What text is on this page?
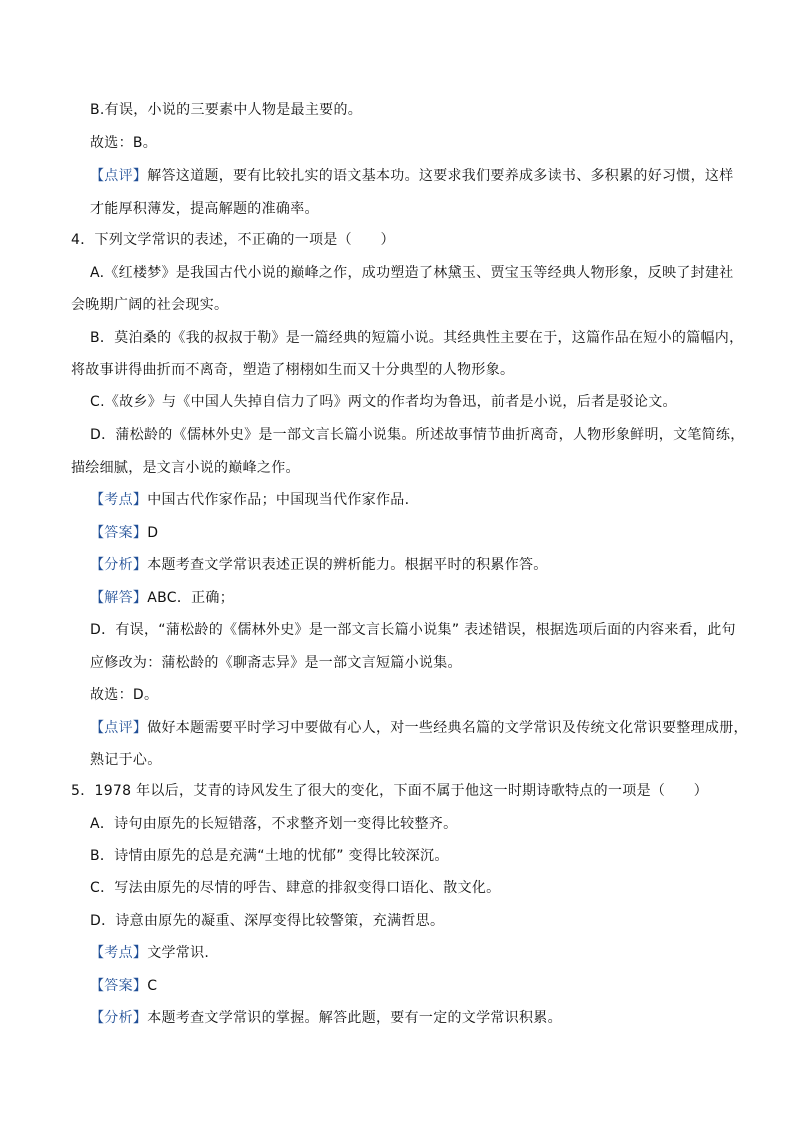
B.有误，小说的三要素中人物是最主要的。
故选：B。
【点评】解答这道题，要有比较扎实的语文基本功。这要求我们要养成多读书、多积累的好习惯，这样
才能厚积薄发，提高解题的准确率。
4．下列文学常识的表述，不正确的一项是（　　）
A.《红楼梦》是我国古代小说的巅峰之作，成功塑造了林黛玉、贾宝玉等经典人物形象，反映了封建社
会晚期广阔的社会现实。
B．莫泊桑的《我的叔叔于勒》是一篇经典的短篇小说。其经典性主要在于，这篇作品在短小的篇幅内，
将故事讲得曲折而不离奇，塑造了栩栩如生而又十分典型的人物形象。
C.《故乡》与《中国人失掉自信力了吗》两文的作者均为鲁迅，前者是小说，后者是驳论文。
D．蒲松龄的《儒林外史》是一部文言长篇小说集。所述故事情节曲折离奇，人物形象鲜明，文笔简练，
描绘细腻，是文言小说的巅峰之作。
【考点】中国古代作家作品；中国现当代作家作品.
【答案】D
【分析】本题考查文学常识表述正误的辨析能力。根据平时的积累作答。
【解答】ABC．正确；
D．有误，“蒲松龄的《儒林外史》是一部文言长篇小说集” 表述错误，根据选项后面的内容来看，此句
应修改为：蒲松龄的《聊斋志异》是一部文言短篇小说集。
故选：D。
【点评】做好本题需要平时学习中要做有心人，对一些经典名篇的文学常识及传统文化常识要整理成册，
熟记于心。
5．1978 年以后，艾青的诗风发生了很大的变化，下面不属于他这一时期诗歌特点的一项是（　　）
A．诗句由原先的长短错落，不求整齐划一变得比较整齐。
B．诗情由原先的总是充满“土地的忧郁” 变得比较深沉。
C．写法由原先的尽情的呼告、肆意的排叙变得口语化、散文化。
D．诗意由原先的凝重、深厚变得比较警策，充满哲思。
【考点】文学常识.
【答案】C
【分析】本题考查文学常识的掌握。解答此题，要有一定的文学常识积累。
